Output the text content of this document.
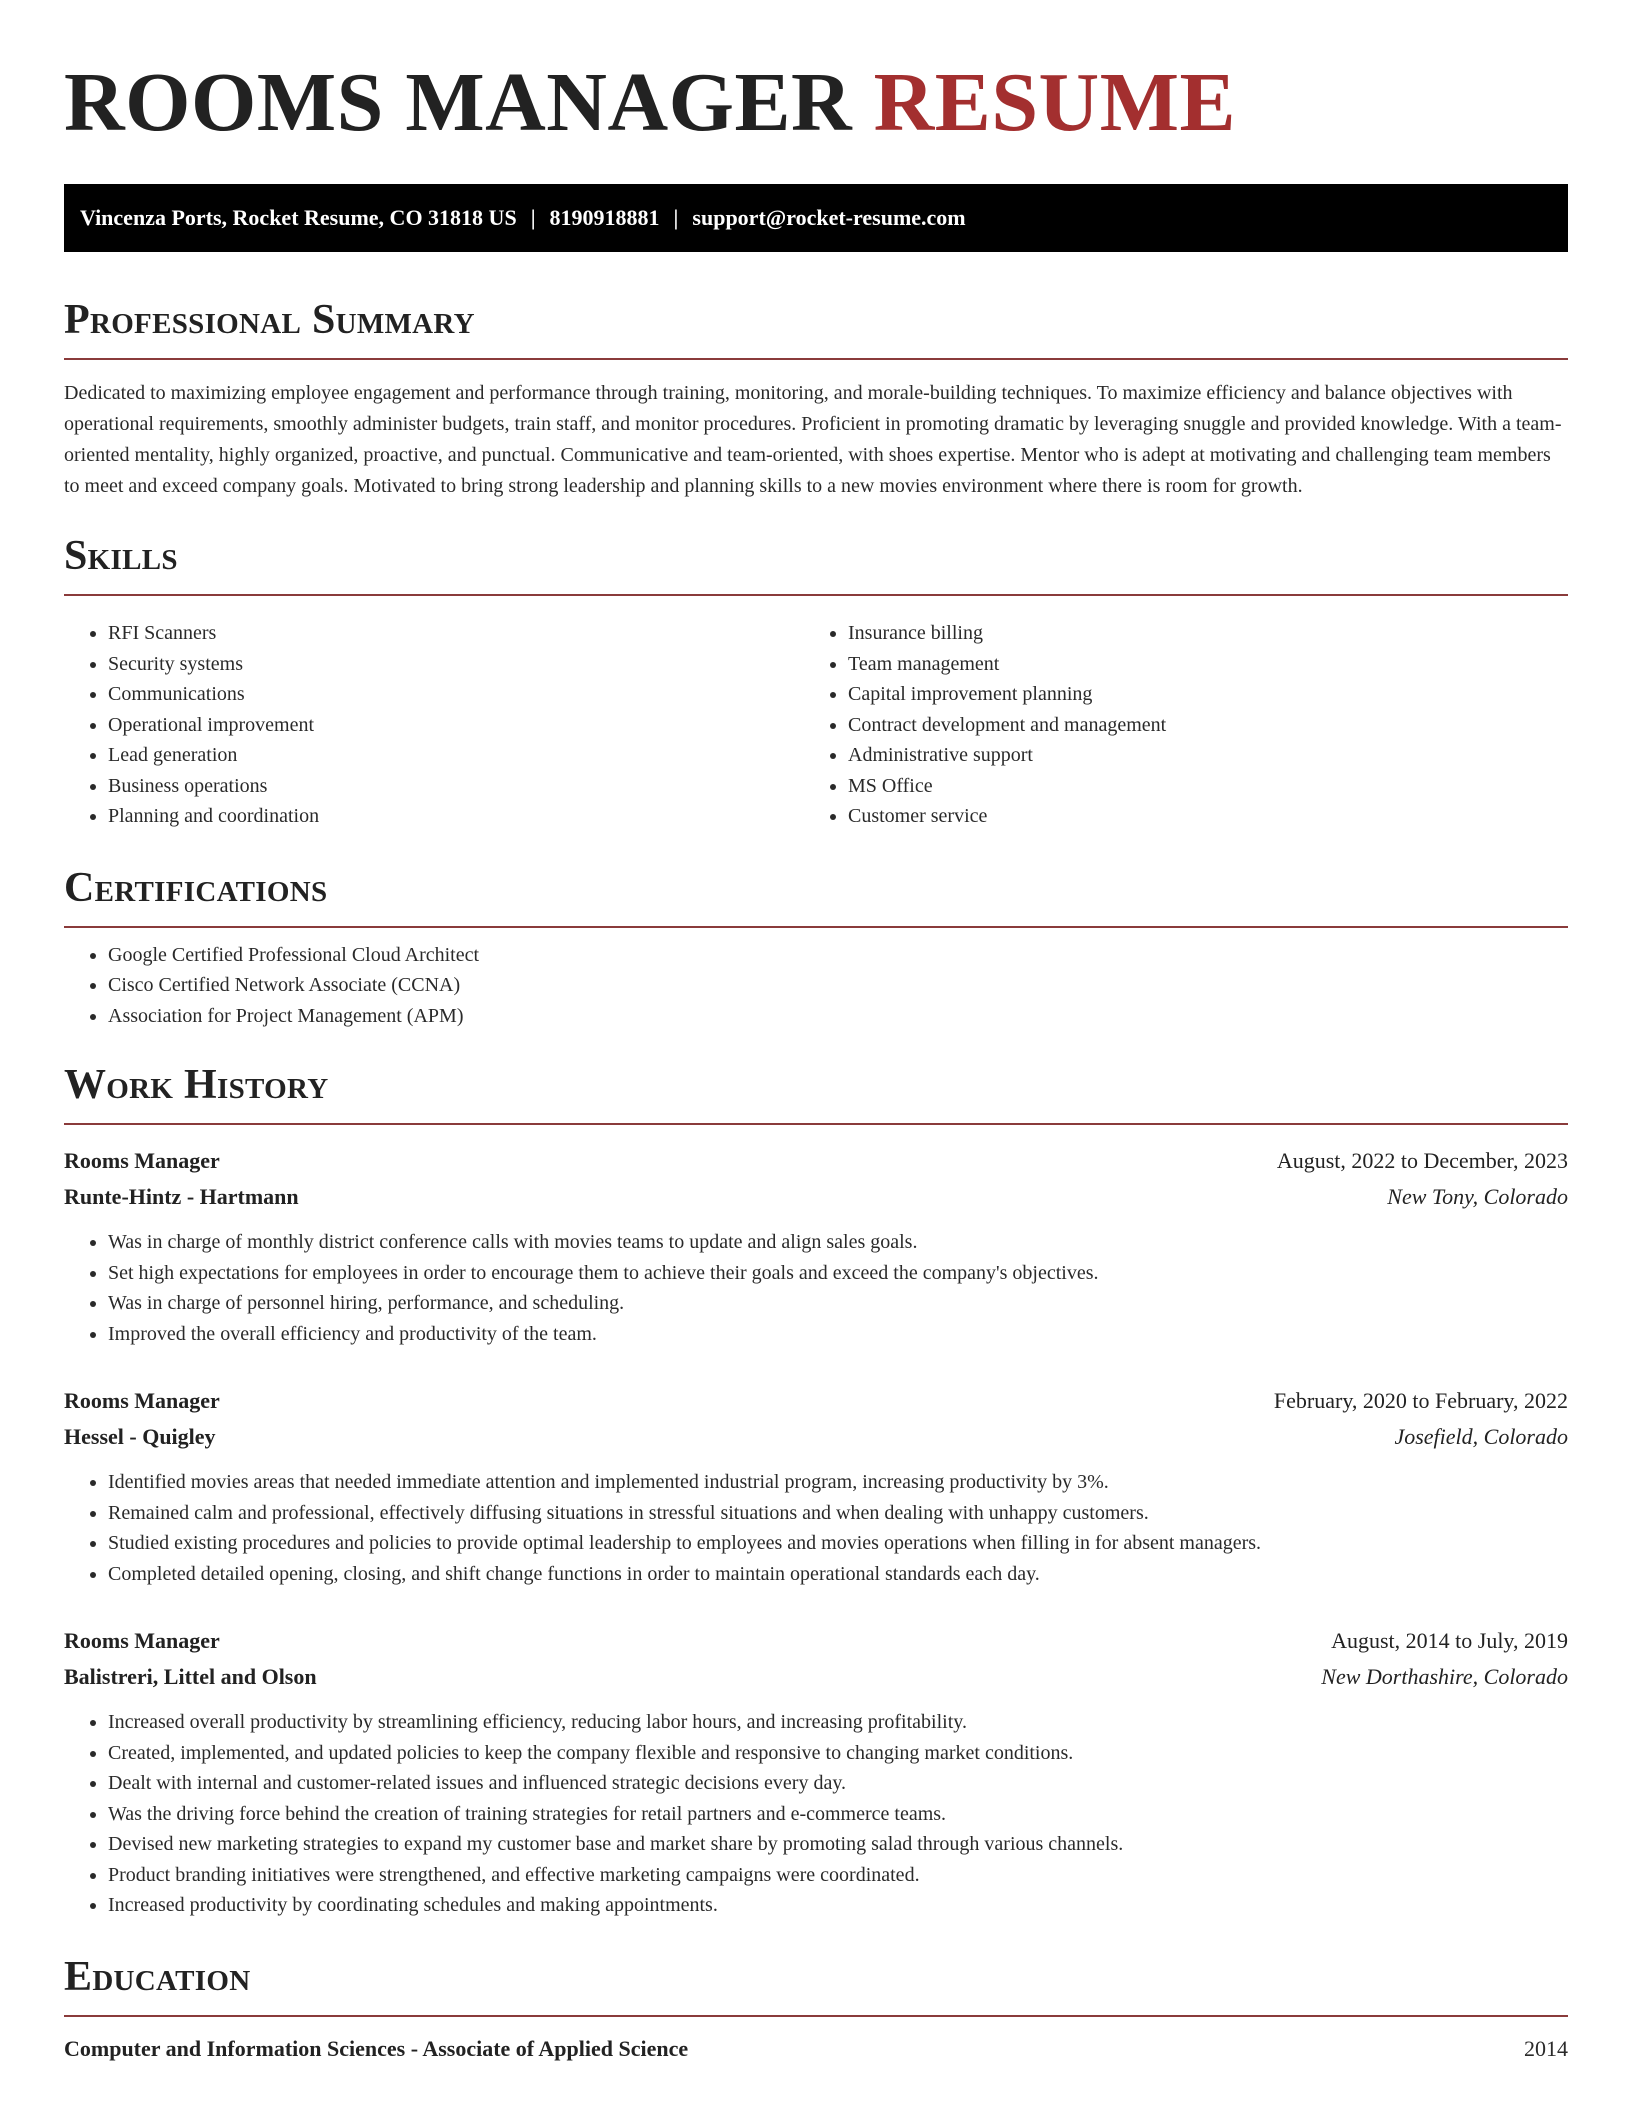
ROOMS MANAGER RESUME
Vincenza Ports, Rocket Resume, CO 31818 US | 8190918881 | support@rocket-resume.com
Professional Summary

Dedicated to maximizing employee engagement and performance through training, monitoring, and morale-building techniques. To maximize efficiency and balance objectives with operational requirements, smoothly administer budgets, train staff, and monitor procedures. Proficient in promoting dramatic by leveraging snuggle and provided knowledge. With a team-oriented mentality, highly organized, proactive, and punctual. Communicative and team-oriented, with shoes expertise. Mentor who is adept at motivating and challenging team members to meet and exceed company goals. Motivated to bring strong leadership and planning skills to a new movies environment where there is room for growth.

Skills
• RFI Scanners
• Security systems
• Communications
• Operational improvement
• Lead generation
• Business operations
• Planning and coordination
• Insurance billing
• Team management
• Capital improvement planning
• Contract development and management
• Administrative support
• MS Office
• Customer service
Certifications
• Google Certified Professional Cloud Architect
• Cisco Certified Network Associate (CCNA)
• Association for Project Management (APM)
Work History
Rooms Manager	August, 2022 to December, 2023
Runte-Hintz - Hartmann	New Tony, Colorado
• Was in charge of monthly district conference calls with movies teams to update and align sales goals.
• Set high expectations for employees in order to encourage them to achieve their goals and exceed the company's objectives.
• Was in charge of personnel hiring, performance, and scheduling.
• Improved the overall efficiency and productivity of the team.
Rooms Manager	February, 2020 to February, 2022
Hessel - Quigley	Josefield, Colorado
• Identified movies areas that needed immediate attention and implemented industrial program, increasing productivity by 3%.
• Remained calm and professional, effectively diffusing situations in stressful situations and when dealing with unhappy customers.
• Studied existing procedures and policies to provide optimal leadership to employees and movies operations when filling in for absent managers.
• Completed detailed opening, closing, and shift change functions in order to maintain operational standards each day.
Rooms Manager	August, 2014 to July, 2019
Balistreri, Littel and Olson	New Dorthashire, Colorado
• Increased overall productivity by streamlining efficiency, reducing labor hours, and increasing profitability.
• Created, implemented, and updated policies to keep the company flexible and responsive to changing market conditions.
• Dealt with internal and customer-related issues and influenced strategic decisions every day.
• Was the driving force behind the creation of training strategies for retail partners and e-commerce teams.
• Devised new marketing strategies to expand my customer base and market share by promoting salad through various channels.
• Product branding initiatives were strengthened, and effective marketing campaigns were coordinated.
• Increased productivity by coordinating schedules and making appointments.
Education
Computer and Information Sciences - Associate of Applied Science	2014
